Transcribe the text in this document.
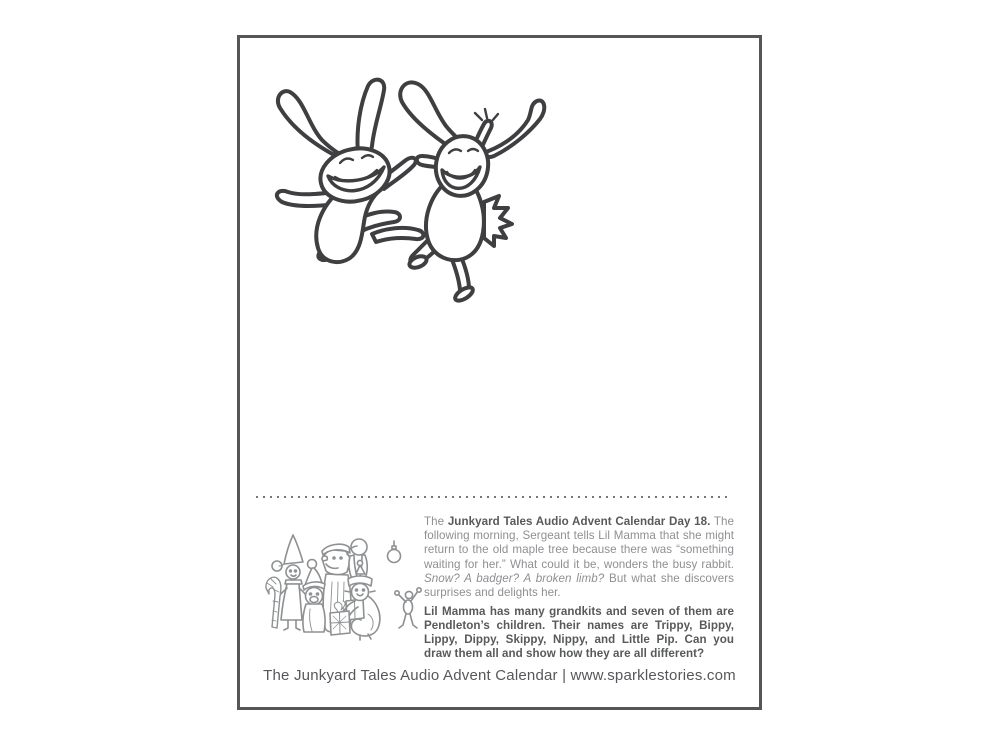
The Junkyard Tales Audio Advent Calendar Day 18. The following morning, Sergeant tells Lil Mamma that she might return to the old maple tree because there was “something waiting for her.” What could it be, wonders the busy rabbit. Snow? A badger? A broken limb? But what she discovers surprises and delights her.

Lil Mamma has many grandkits and seven of them are Pendleton’s children. Their names are Trippy, Bippy, Lippy, Dippy, Skippy, Nippy, and Little Pip. Can you draw them all and show how they are all different?

The Junkyard Tales Audio Advent Calendar | www.sparklestories.com
